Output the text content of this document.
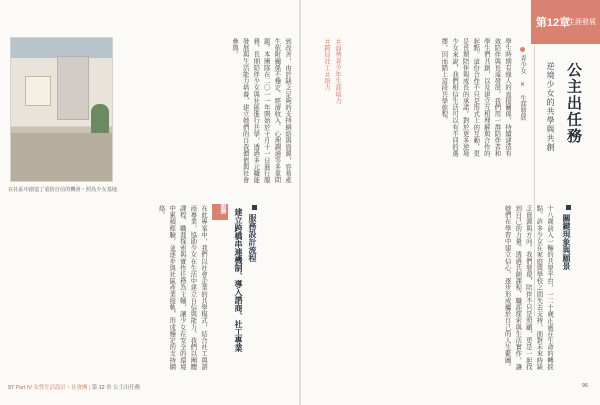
第12章
生涯發展
公主出任務
逆境少女的共學與共創
青少女 × 生涯發展
學生時期有緣人的直接關係，持續建造有效陪伴與長遠發展。我們用一群陪伴者和學生們共創，以及建立互相理解與合作的起點。這份合作不只是形式上的互動，更是長期陪伴與成長的承諾。對於更多逆境少女來說，我們相信生活可以有不同的選擇，因而踏上這段共學旅程。
＃弱勢青少年生涯培力
＃跨局社工＃培力
關鍵現象與願景
十八歲前入一輛的共學平台，一二十歲正處在生命的轉捩點。許多少女在家庭與學校之間失去支持，面對未來時缺乏資源與方向。我們發現，陪伴不只是照顧，更是一起找到自己的力量。透過共創課程、職涯探索與生活實作，讓她們在學習中建立信心，逐步形成屬於自己的人生藍圖。
到改善，由於缺乏足夠的支持網絡與資源，容易產生依附關係不穩定、經濟收入、心理調適等多重問題。本團隊在二〇一一年開始於十月十一日進行服務，長期陪伴少女與社區進行共學，透過多元職能發展與生活能力培養，建立她們的自我價值與社會參與。
在社區中創造了重拾自信的機會・照為少女基地
服務設計流程
服務 建立跨橋串連機制、導入諮商、社工專業
在此專案中，我們以社會企業的共學模式，結合社工與諮商專業，協助少女在生活中建立自信與能力。我們以團體課程、職涯探索與實作任務為主軸，讓少女在安全的環境中累積經驗，並逐步與社區產業接軌，形成穩定的支持網絡。
97 Part IV 女性生活設計・社會團 | 第 12 章 公主出任務	96
